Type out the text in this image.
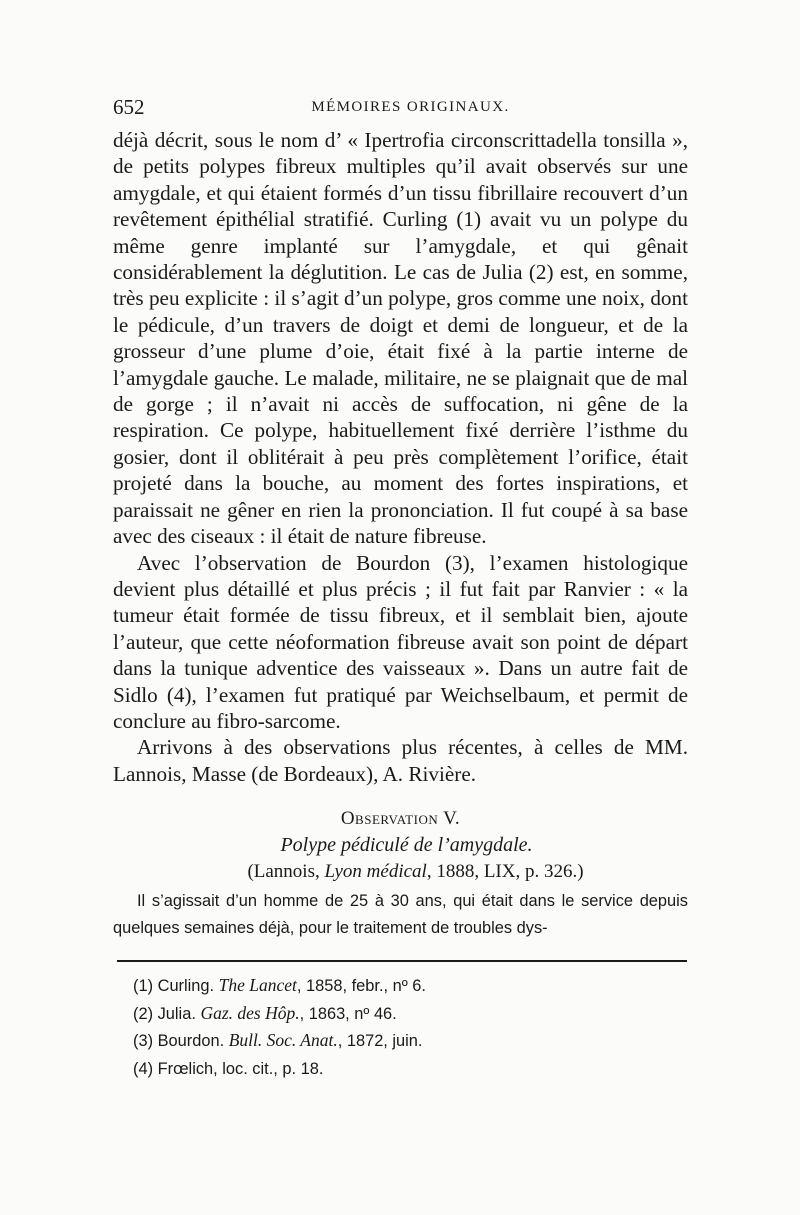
652	MÉMOIRES ORIGINAUX.

déjà décrit, sous le nom d’ « Ipertrofia circonscrittadella tonsilla », de petits polypes fibreux multiples qu’il avait observés sur une amygdale, et qui étaient formés d’un tissu fibrillaire recouvert d’un revêtement épithélial stratifié. Curling (1) avait vu un polype du même genre implanté sur l’amygdale, et qui gênait considérablement la déglutition. Le cas de Julia (2) est, en somme, très peu explicite : il s’agit d’un polype, gros comme une noix, dont le pédicule, d’un travers de doigt et demi de longueur, et de la grosseur d’une plume d’oie, était fixé à la partie interne de l’amygdale gauche. Le malade, militaire, ne se plaignait que de mal de gorge ; il n’avait ni accès de suffocation, ni gêne de la respiration. Ce polype, habituellement fixé derrière l’isthme du gosier, dont il oblitérait à peu près complètement l’orifice, était projeté dans la bouche, au moment des fortes inspirations, et paraissait ne gêner en rien la prononciation. Il fut coupé à sa base avec des ciseaux : il était de nature fibreuse.

Avec l’observation de Bourdon (3), l’examen histologique devient plus détaillé et plus précis ; il fut fait par Ranvier : « la tumeur était formée de tissu fibreux, et il semblait bien, ajoute l’auteur, que cette néoformation fibreuse avait son point de départ dans la tunique adventice des vaisseaux ». Dans un autre fait de Sidlo (4), l’examen fut pratiqué par Weichselbaum, et permit de conclure au fibro-sarcome.

Arrivons à des observations plus récentes, à celles de MM. Lannois, Masse (de Bordeaux), A. Rivière.

Observation V.
Polype pédiculé de l’amygdale.
(Lannois, Lyon médical, 1888, LIX, p. 326.)

Il s’agissait d’un homme de 25 à 30 ans, qui était dans le service depuis quelques semaines déjà, pour le traitement de troubles dys-

(1) Curling. The Lancet, 1858, febr., nº 6.
(2) Julia. Gaz. des Hôp., 1863, nº 46.
(3) Bourdon. Bull. Soc. Anat., 1872, juin.
(4) Frœlich, loc. cit., p. 18.
